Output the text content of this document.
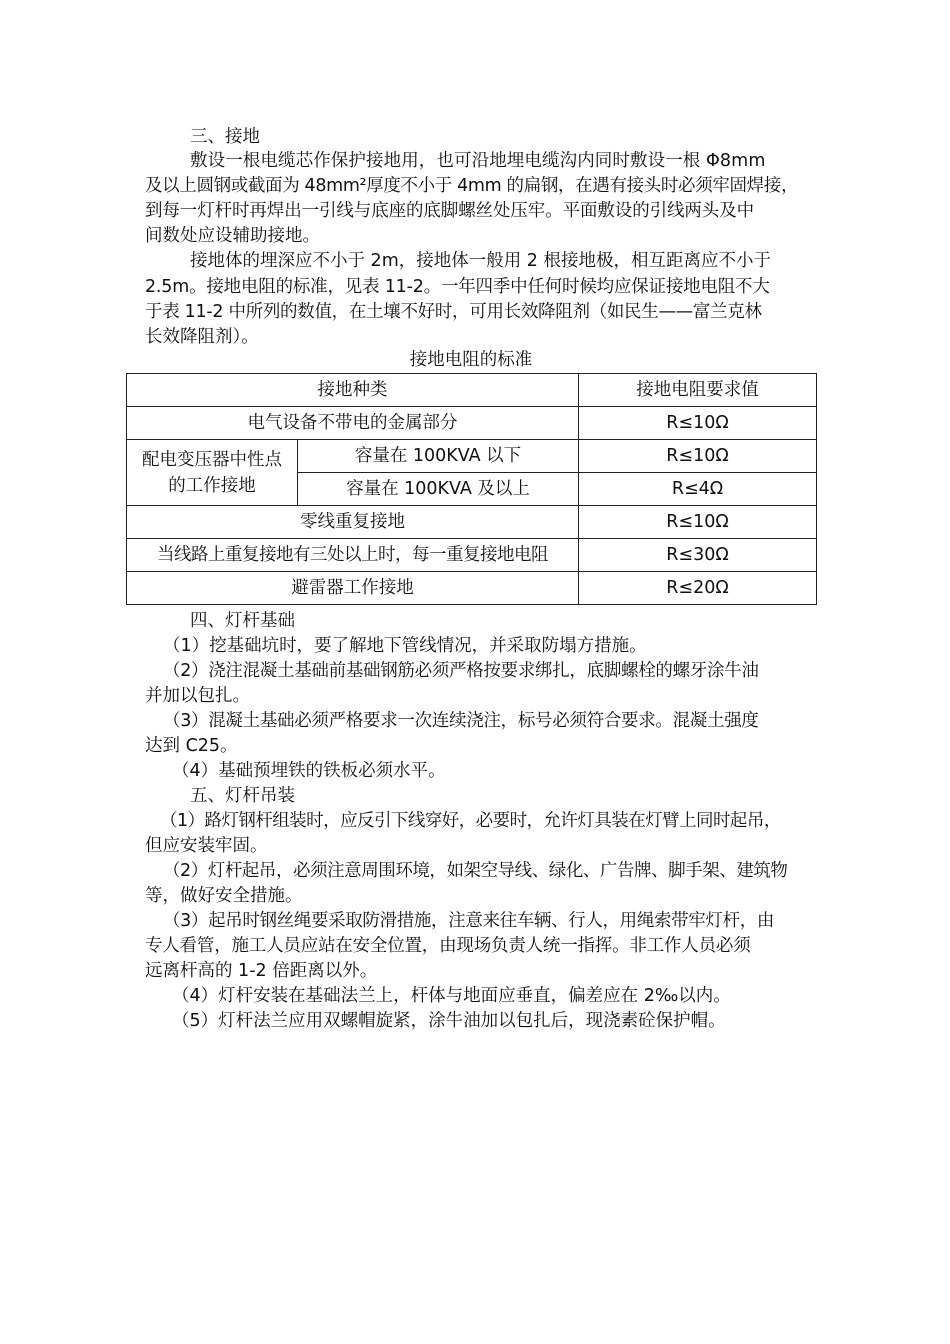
三、接地
敷设一根电缆芯作保护接地用，也可沿地埋电缆沟内同时敷设一根 Φ8mm
及以上圆钢或截面为 48mm²厚度不小于 4mm 的扁钢，在遇有接头时必须牢固焊接，
到每一灯杆时再焊出一引线与底座的底脚螺丝处压牢。平面敷设的引线两头及中
间数处应设辅助接地。
接地体的埋深应不小于 2m，接地体一般用 2 根接地极，相互距离应不小于
2.5m。接地电阻的标准，见表 11-2。一年四季中任何时候均应保证接地电阻不大
于表 11-2 中所列的数值，在土壤不好时，可用长效降阻剂（如民生——富兰克林
长效降阻剂）。
接地电阻的标准
接地种类		接地电阻要求值
电气设备不带电的金属部分		R≤10Ω
配电变压器中性点的工作接地	容量在 100KVA 以下	R≤10Ω
	容量在 100KVA 及以上	R≤4Ω
零线重复接地		R≤10Ω
当线路上重复接地有三处以上时，每一重复接地电阻		R≤30Ω
避雷器工作接地		R≤20Ω
四、灯杆基础
（1）挖基础坑时，要了解地下管线情况，并采取防塌方措施。
（2）浇注混凝土基础前基础钢筋必须严格按要求绑扎，底脚螺栓的螺牙涂牛油
并加以包扎。
（3）混凝土基础必须严格要求一次连续浇注，标号必须符合要求。混凝土强度
达到 C25。
（4）基础预埋铁的铁板必须水平。
五、灯杆吊装
（1）路灯钢杆组装时，应反引下线穿好，必要时，允许灯具装在灯臂上同时起吊，
但应安装牢固。
（2）灯杆起吊，必须注意周围环境，如架空导线、绿化、广告牌、脚手架、建筑物
等，做好安全措施。
（3）起吊时钢丝绳要采取防滑措施，注意来往车辆、行人，用绳索带牢灯杆，由
专人看管，施工人员应站在安全位置，由现场负责人统一指挥。非工作人员必须
远离杆高的 1-2 倍距离以外。
（4）灯杆安装在基础法兰上，杆体与地面应垂直，偏差应在 2‰以内。
（5）灯杆法兰应用双螺帽旋紧，涂牛油加以包扎后，现浇素砼保护帽。
